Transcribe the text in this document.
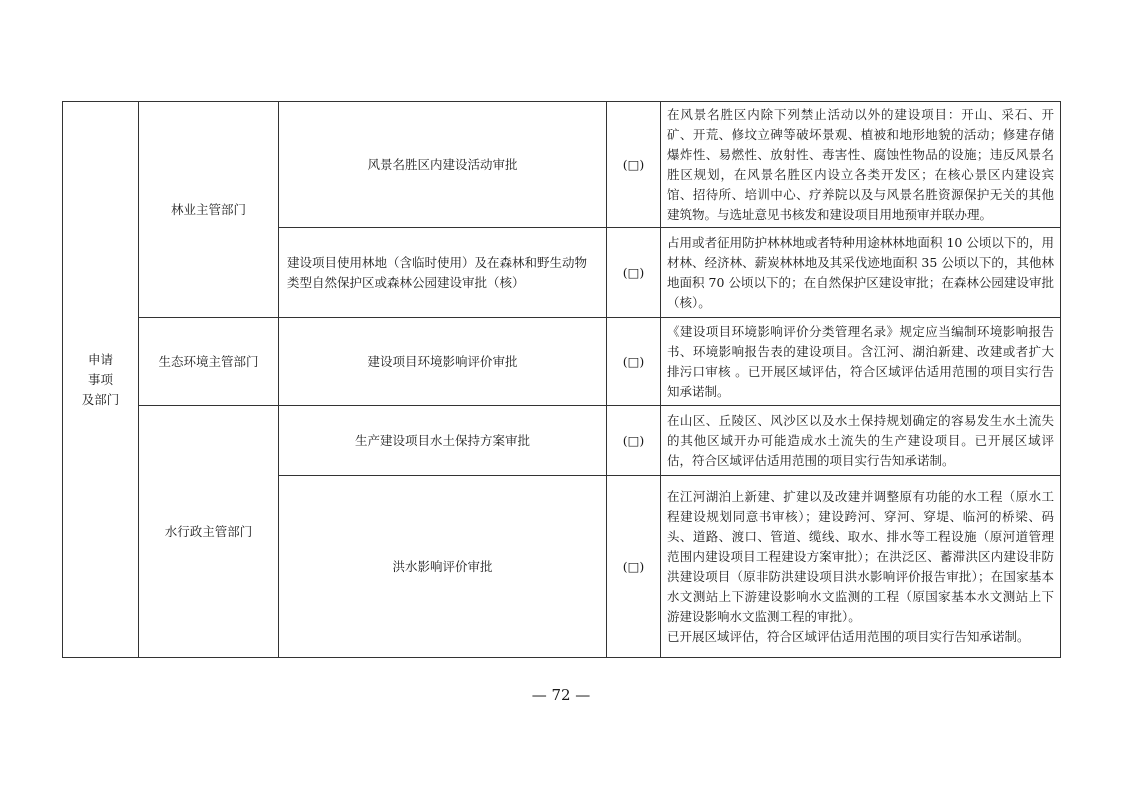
申请
事项
及部门	林业主管部门	风景名胜区内建设活动审批	(□)	在风景名胜区内除下列禁止活动以外的建设项目：开山、采石、开矿、开荒、修坟立碑等破坏景观、植被和地形地貌的活动；修建存储爆炸性、易燃性、放射性、毒害性、腐蚀性物品的设施；违反风景名胜区规划，在风景名胜区内设立各类开发区；在核心景区内建设宾馆、招待所、培训中心、疗养院以及与风景名胜资源保护无关的其他建筑物。与选址意见书核发和建设项目用地预审并联办理。
		建设项目使用林地（含临时使用）及在森林和野生动物类型自然保护区或森林公园建设审批（核）	(□)	占用或者征用防护林林地或者特种用途林林地面积 10 公顷以下的，用材林、经济林、薪炭林林地及其采伐迹地面积 35 公顷以下的，其他林地面积 70 公顷以下的；在自然保护区建设审批；在森林公园建设审批（核）。
	生态环境主管部门	建设项目环境影响评价审批	(□)	《建设项目环境影响评价分类管理名录》规定应当编制环境影响报告书、环境影响报告表的建设项目。含江河、湖泊新建、改建或者扩大排污口审核 。已开展区域评估，符合区域评估适用范围的项目实行告知承诺制。
	水行政主管部门	生产建设项目水土保持方案审批	(□)	在山区、丘陵区、风沙区以及水土保持规划确定的容易发生水土流失的其他区域开办可能造成水土流失的生产建设项目。已开展区域评估，符合区域评估适用范围的项目实行告知承诺制。
		洪水影响评价审批	(□)	在江河湖泊上新建、扩建以及改建并调整原有功能的水工程（原水工程建设规划同意书审核）；建设跨河、穿河、穿堤、临河的桥梁、码头、道路、渡口、管道、缆线、取水、排水等工程设施（原河道管理范围内建设项目工程建设方案审批）；在洪泛区、蓄滞洪区内建设非防洪建设项目（原非防洪建设项目洪水影响评价报告审批）；在国家基本水文测站上下游建设影响水文监测的工程（原国家基本水文测站上下游建设影响水文监测工程的审批）。
已开展区域评估，符合区域评估适用范围的项目实行告知承诺制。
— 72 —
